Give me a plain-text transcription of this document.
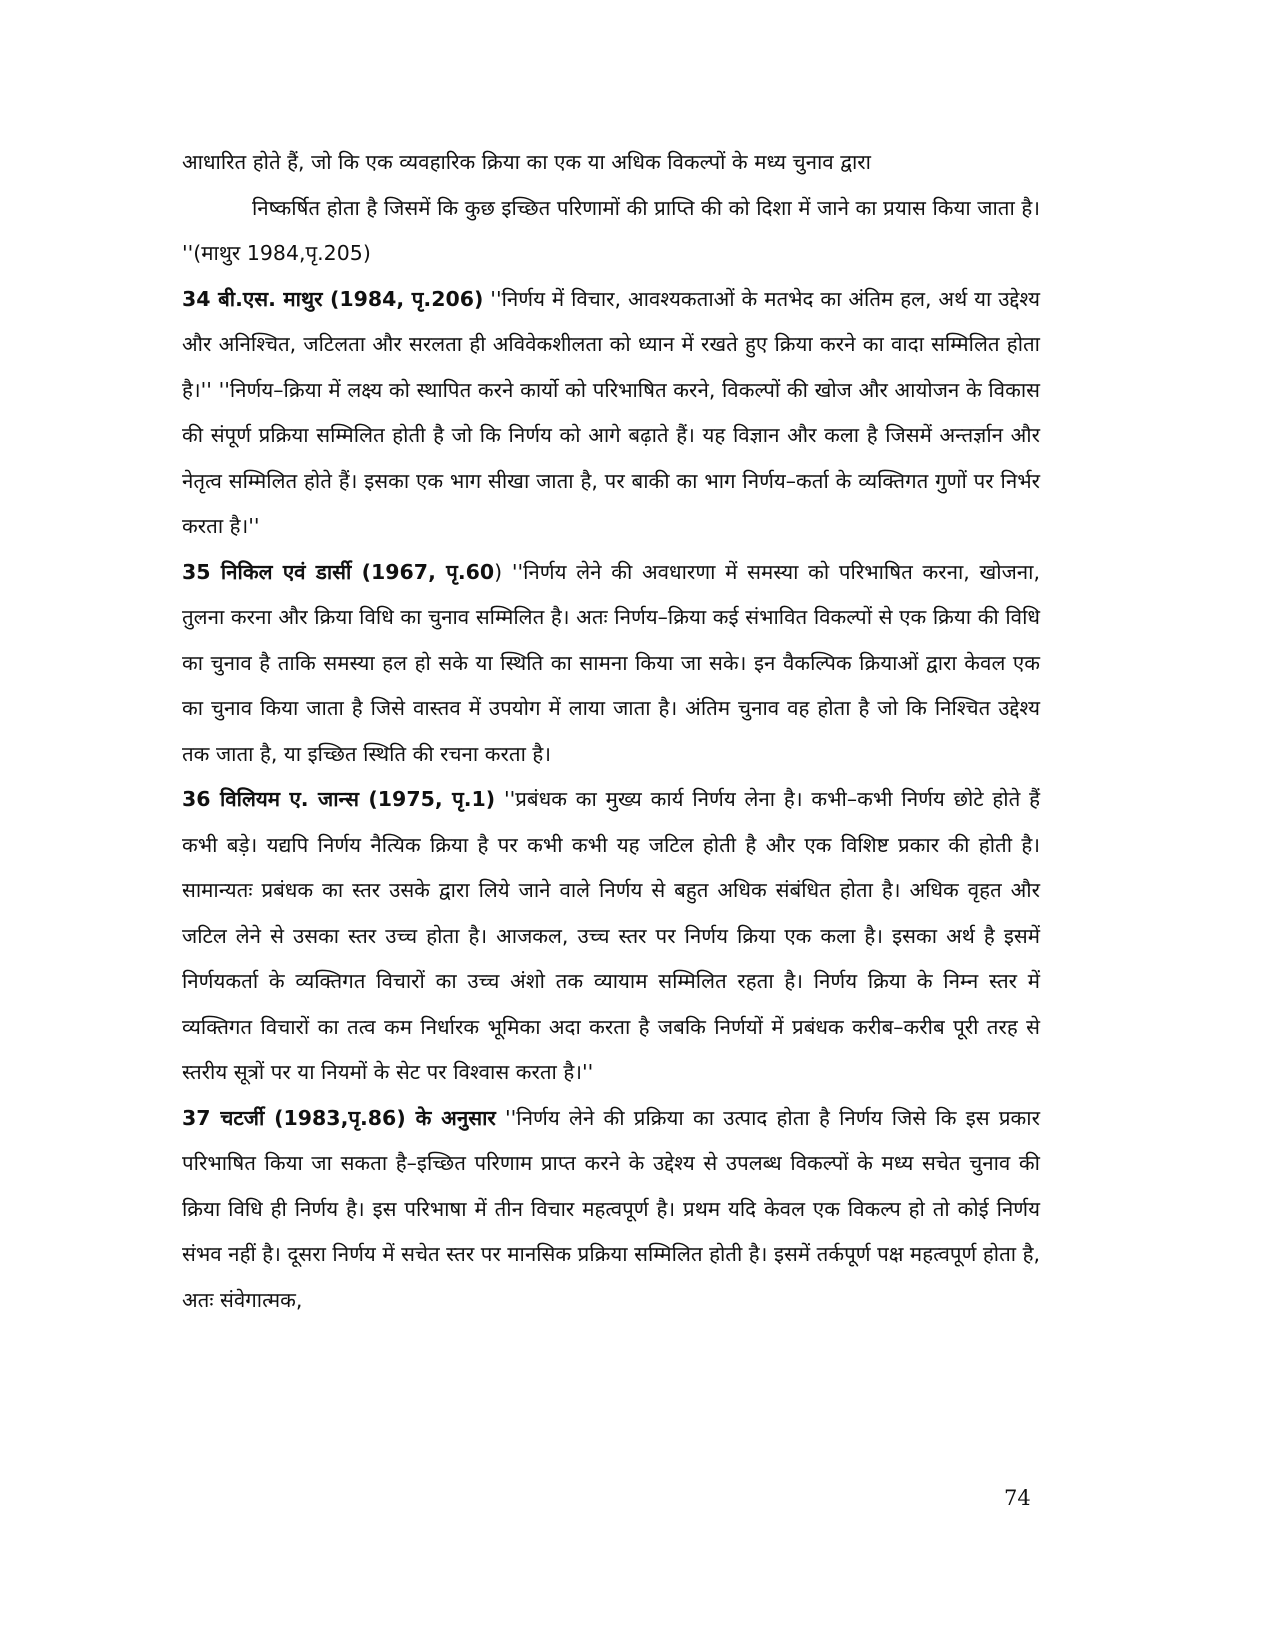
आधारित होते हैं, जो कि एक व्यवहारिक क्रिया का एक या अधिक विकल्पों के मध्य चुनाव द्वारा

निष्कर्षित होता है जिसमें कि कुछ इच्छित परिणामों की प्राप्ति की को दिशा में जाने का प्रयास किया जाता है। ''(माथुर 1984,पृ.205)

34 बी.एस. माथुर (1984, पृ.206) ''निर्णय में विचार, आवश्यकताओं के मतभेद का अंतिम हल, अर्थ या उद्देश्य और अनिश्चित, जटिलता और सरलता ही अविवेकशीलता को ध्यान में रखते हुए क्रिया करने का वादा सम्मिलित होता है।'' ''निर्णय–क्रिया में लक्ष्य को स्थापित करने कार्यो को परिभाषित करने, विकल्पों की खोज और आयोजन के विकास की संपूर्ण प्रक्रिया सम्मिलित होती है जो कि निर्णय को आगे बढ़ाते हैं। यह विज्ञान और कला है जिसमें अन्तर्ज्ञान और नेतृत्व सम्मिलित होते हैं। इसका एक भाग सीखा जाता है, पर बाकी का भाग निर्णय–कर्ता के व्यक्तिगत गुणों पर निर्भर करता है।''

35 निकिल एवं डार्सी (1967, पृ.60) ''निर्णय लेने की अवधारणा में समस्या को परिभाषित करना, खोजना, तुलना करना और क्रिया विधि का चुनाव सम्मिलित है। अतः निर्णय–क्रिया कई संभावित विकल्पों से एक क्रिया की विधि का चुनाव है ताकि समस्या हल हो सके या स्थिति का सामना किया जा सके। इन वैकल्पिक क्रियाओं द्वारा केवल एक का चुनाव किया जाता है जिसे वास्तव में उपयोग में लाया जाता है। अंतिम चुनाव वह होता है जो कि निश्चित उद्देश्य तक जाता है, या इच्छित स्थिति की रचना करता है।

36 विलियम ए. जान्स (1975, पृ.1) ''प्रबंधक का मुख्य कार्य निर्णय लेना है। कभी–कभी निर्णय छोटे होते हैं कभी बड़े। यद्यपि निर्णय नैत्यिक क्रिया है पर कभी कभी यह जटिल होती है और एक विशिष्ट प्रकार की होती है। सामान्यतः प्रबंधक का स्तर उसके द्वारा लिये जाने वाले निर्णय से बहुत अधिक संबंधित होता है। अधिक वृहत और जटिल लेने से उसका स्तर उच्च होता है। आजकल, उच्च स्तर पर निर्णय क्रिया एक कला है। इसका अर्थ है इसमें निर्णयकर्ता के व्यक्तिगत विचारों का उच्च अंशो तक व्यायाम सम्मिलित रहता है। निर्णय क्रिया के निम्न स्तर में व्यक्तिगत विचारों का तत्व कम निर्धारक भूमिका अदा करता है जबकि निर्णयों में प्रबंधक करीब–करीब पूरी तरह से स्तरीय सूत्रों पर या नियमों के सेट पर विश्वास करता है।''

37 चटर्जी (1983,पृ.86) के अनुसार ''निर्णय लेने की प्रक्रिया का उत्पाद होता है निर्णय जिसे कि इस प्रकार परिभाषित किया जा सकता है–इच्छित परिणाम प्राप्त करने के उद्देश्य से उपलब्ध विकल्पों के मध्य सचेत चुनाव की क्रिया विधि ही निर्णय है। इस परिभाषा में तीन विचार महत्वपूर्ण है। प्रथम यदि केवल एक विकल्प हो तो कोई निर्णय संभव नहीं है। दूसरा निर्णय में सचेत स्तर पर मानसिक प्रक्रिया सम्मिलित होती है। इसमें तर्कपूर्ण पक्ष महत्वपूर्ण होता है, अतः संवेगात्मक,

74
